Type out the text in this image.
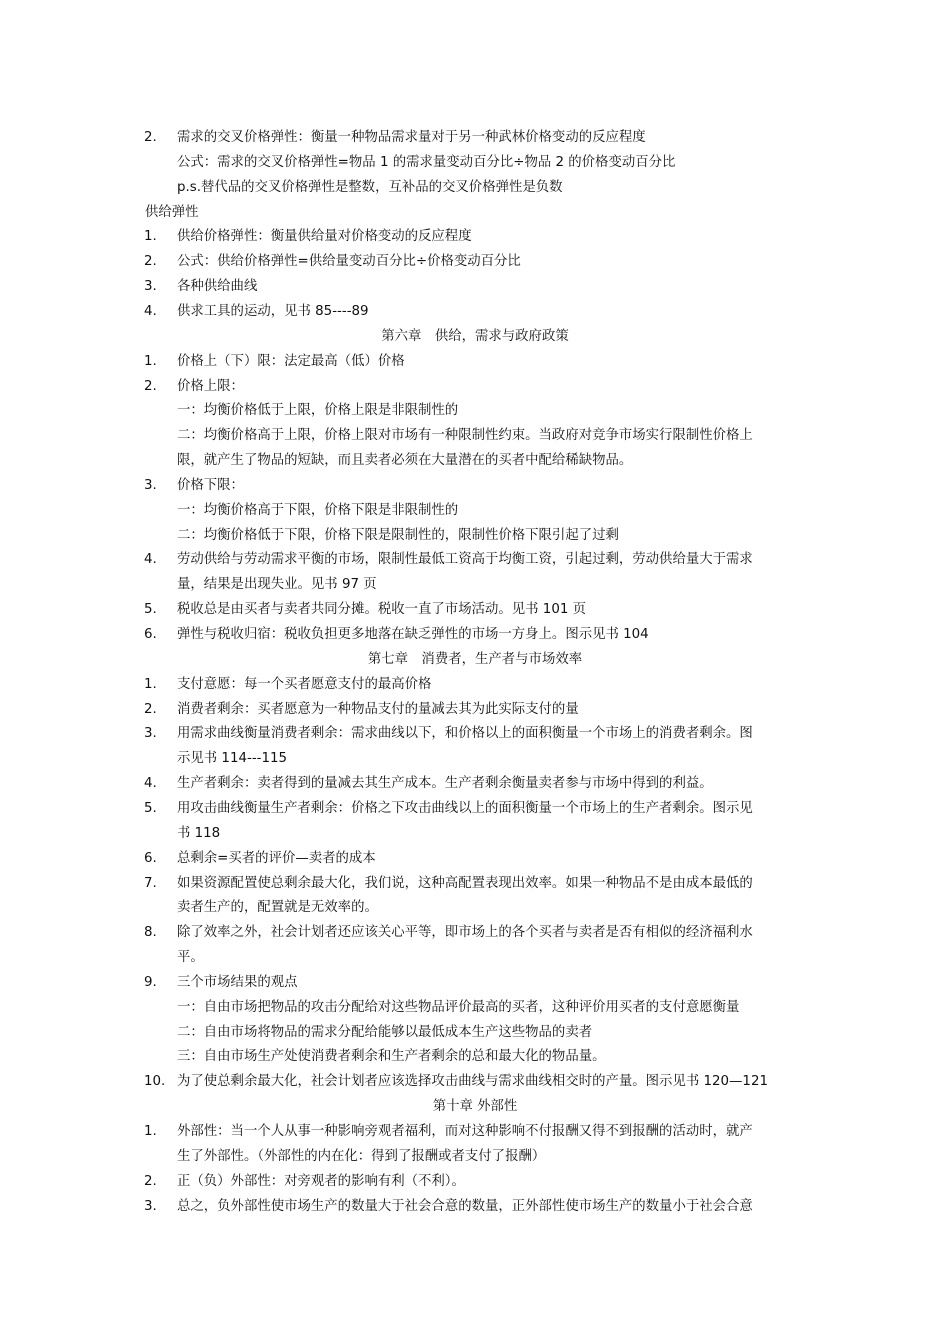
2. 需求的交叉价格弹性：衡量一种物品需求量对于另一种武林价格变动的反应程度
公式：需求的交叉价格弹性=物品 1 的需求量变动百分比÷物品 2 的价格变动百分比
p.s.替代品的交叉价格弹性是整数，互补品的交叉价格弹性是负数
供给弹性
1. 供给价格弹性：衡量供给量对价格变动的反应程度
2. 公式：供给价格弹性=供给量变动百分比÷价格变动百分比
3. 各种供给曲线
4. 供求工具的运动，见书 85----89
第六章　供给，需求与政府政策
1. 价格上（下）限：法定最高（低）价格
2. 价格上限：
一：均衡价格低于上限，价格上限是非限制性的
二：均衡价格高于上限，价格上限对市场有一种限制性约束。当政府对竞争市场实行限制性价格上
限，就产生了物品的短缺，而且卖者必须在大量潜在的买者中配给稀缺物品。
3. 价格下限：
一：均衡价格高于下限，价格下限是非限制性的
二：均衡价格低于下限，价格下限是限制性的，限制性价格下限引起了过剩
4. 劳动供给与劳动需求平衡的市场，限制性最低工资高于均衡工资，引起过剩，劳动供给量大于需求
量，结果是出现失业。见书 97 页
5. 税收总是由买者与卖者共同分摊。税收一直了市场活动。见书 101 页
6. 弹性与税收归宿：税收负担更多地落在缺乏弹性的市场一方身上。图示见书 104
第七章　消费者，生产者与市场效率
1. 支付意愿：每一个买者愿意支付的最高价格
2. 消费者剩余：买者愿意为一种物品支付的量减去其为此实际支付的量
3. 用需求曲线衡量消费者剩余：需求曲线以下，和价格以上的面积衡量一个市场上的消费者剩余。图
示见书 114---115
4. 生产者剩余：卖者得到的量减去其生产成本。生产者剩余衡量卖者参与市场中得到的利益。
5. 用攻击曲线衡量生产者剩余：价格之下攻击曲线以上的面积衡量一个市场上的生产者剩余。图示见
书 118
6. 总剩余=买者的评价—卖者的成本
7. 如果资源配置使总剩余最大化，我们说，这种高配置表现出效率。如果一种物品不是由成本最低的
卖者生产的，配置就是无效率的。
8. 除了效率之外，社会计划者还应该关心平等，即市场上的各个买者与卖者是否有相似的经济福利水
平。
9. 三个市场结果的观点
一：自由市场把物品的攻击分配给对这些物品评价最高的买者，这种评价用买者的支付意愿衡量
二：自由市场将物品的需求分配给能够以最低成本生产这些物品的卖者
三：自由市场生产处使消费者剩余和生产者剩余的总和最大化的物品量。
10. 为了使总剩余最大化，社会计划者应该选择攻击曲线与需求曲线相交时的产量。图示见书 120—121
第十章 外部性
1. 外部性：当一个人从事一种影响旁观者福利，而对这种影响不付报酬又得不到报酬的活动时，就产
生了外部性。（外部性的内在化：得到了报酬或者支付了报酬）
2. 正（负）外部性：对旁观者的影响有利（不利）。
3. 总之，负外部性使市场生产的数量大于社会合意的数量，正外部性使市场生产的数量小于社会合意
